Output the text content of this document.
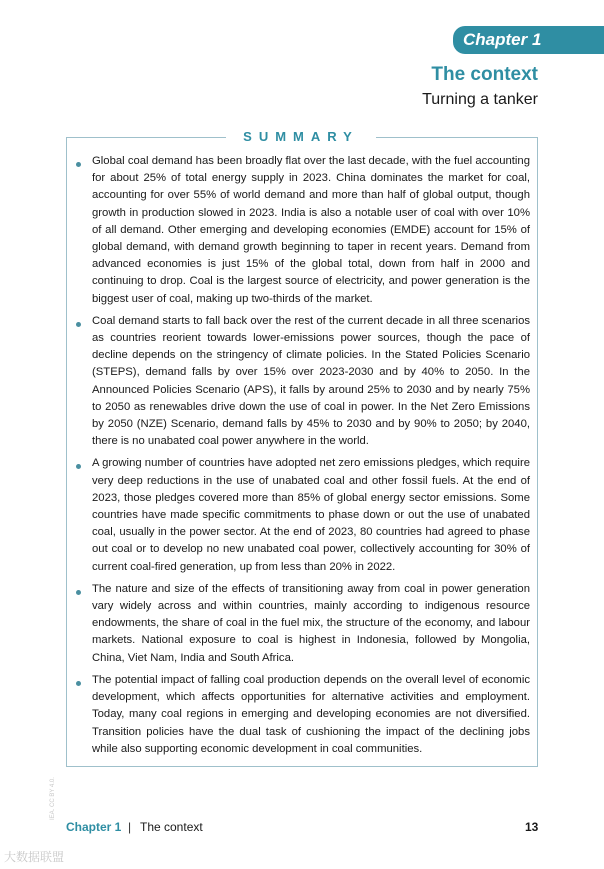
Chapter 1
The context
Turning a tanker
SUMMARY
Global coal demand has been broadly flat over the last decade, with the fuel accounting for about 25% of total energy supply in 2023. China dominates the market for coal, accounting for over 55% of world demand and more than half of global output, though growth in production slowed in 2023. India is also a notable user of coal with over 10% of all demand. Other emerging and developing economies (EMDE) account for 15% of global demand, with demand growth beginning to taper in recent years. Demand from advanced economies is just 15% of the global total, down from half in 2000 and continuing to drop. Coal is the largest source of electricity, and power generation is the biggest user of coal, making up two-thirds of the market.
Coal demand starts to fall back over the rest of the current decade in all three scenarios as countries reorient towards lower-emissions power sources, though the pace of decline depends on the stringency of climate policies. In the Stated Policies Scenario (STEPS), demand falls by over 15% over 2023-2030 and by 40% to 2050. In the Announced Policies Scenario (APS), it falls by around 25% to 2030 and by nearly 75% to 2050 as renewables drive down the use of coal in power. In the Net Zero Emissions by 2050 (NZE) Scenario, demand falls by 45% to 2030 and by 90% to 2050; by 2040, there is no unabated coal power anywhere in the world.
A growing number of countries have adopted net zero emissions pledges, which require very deep reductions in the use of unabated coal and other fossil fuels. At the end of 2023, those pledges covered more than 85% of global energy sector emissions. Some countries have made specific commitments to phase down or out the use of unabated coal, usually in the power sector. At the end of 2023, 80 countries had agreed to phase out coal or to develop no new unabated coal power, collectively accounting for 30% of current coal-fired generation, up from less than 20% in 2022.
The nature and size of the effects of transitioning away from coal in power generation vary widely across and within countries, mainly according to indigenous resource endowments, the share of coal in the fuel mix, the structure of the economy, and labour markets. National exposure to coal is highest in Indonesia, followed by Mongolia, China, Viet Nam, India and South Africa.
The potential impact of falling coal production depends on the overall level of economic development, which affects opportunities for alternative activities and employment. Today, many coal regions in emerging and developing economies are not diversified. Transition policies have the dual task of cushioning the impact of the declining jobs while also supporting economic development in coal communities.
IEA. CC BY 4.0.
Chapter 1 | The context	13
大数据联盟
